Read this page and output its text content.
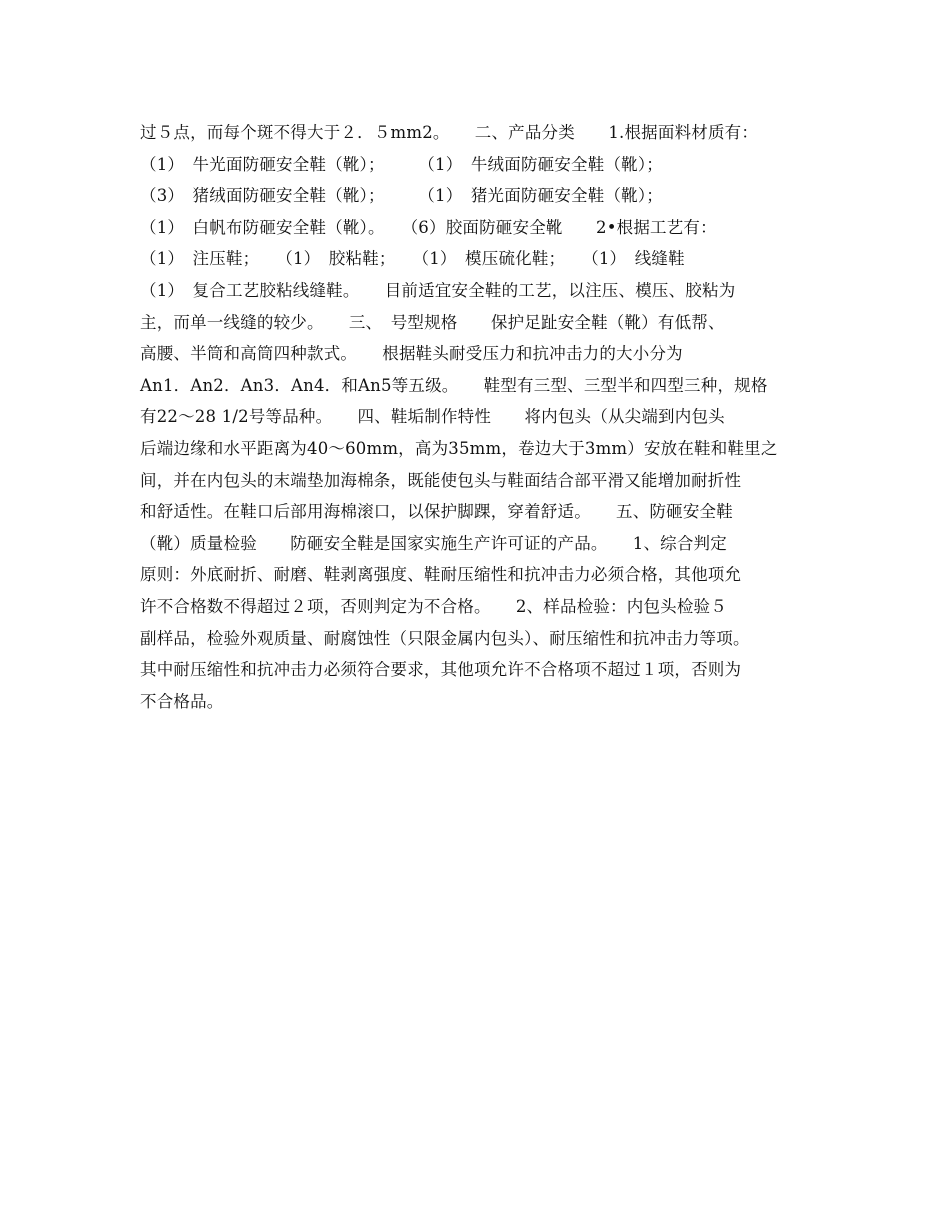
过５点，而每个斑不得大于２．５mm2。　　二、产品分类　　1.根据面料材质有：
（1）　牛光面防砸安全鞋（靴）；　　　（1）　牛绒面防砸安全鞋（靴）；
（3）　猪绒面防砸安全鞋（靴）；　　　（1）　猪光面防砸安全鞋（靴）；
（1）　白帆布防砸安全鞋（靴）。　　（6）胶面防砸安全靴　　2•根据工艺有：
（1）　注压鞋；　　（1）　胶粘鞋；　　（1）　模压硫化鞋；　　（1）　线缝鞋
（1）　复合工艺胶粘线缝鞋。　　目前适宜安全鞋的工艺，以注压、模压、胶粘为
主，而单一线缝的较少。　　三、　号型规格　　保护足趾安全鞋（靴）有低帮、
高腰、半筒和高筒四种款式。　　根据鞋头耐受压力和抗冲击力的大小分为
An1．An2．An3．An4．和An5等五级。　　鞋型有三型、三型半和四型三种，规格
有22～28 1/2号等品种。　　四、鞋垢制作特性　　将内包头（从尖端到内包头
后端边缘和水平距离为40～60mm，高为35mm，卷边大于3mm）安放在鞋和鞋里之
间，并在内包头的末端垫加海棉条，既能使包头与鞋面结合部平滑又能增加耐折性
和舒适性。在鞋口后部用海棉滚口，以保护脚踝，穿着舒适。　　五、防砸安全鞋
（靴）质量检验　　防砸安全鞋是国家实施生产许可证的产品。　　1、综合判定
原则：外底耐折、耐磨、鞋剥离强度、鞋耐压缩性和抗冲击力必须合格，其他项允
许不合格数不得超过２项，否则判定为不合格。　　2、样品检验：内包头检验５
副样品，检验外观质量、耐腐蚀性（只限金属内包头）、耐压缩性和抗冲击力等项。
其中耐压缩性和抗冲击力必须符合要求，其他项允许不合格项不超过１项，否则为
不合格品。
